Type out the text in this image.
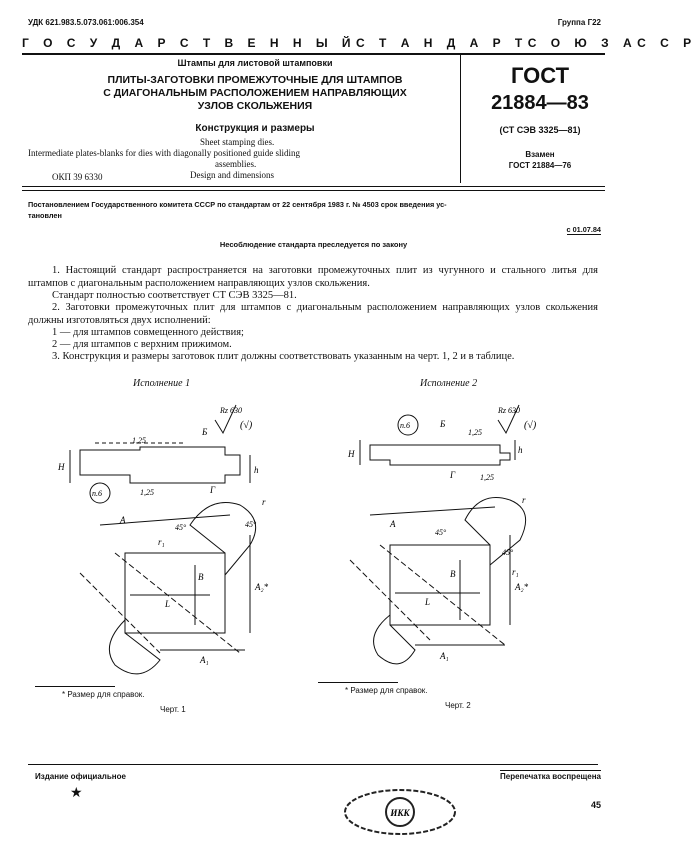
УДК 621.983.5.073.061:006.354	Группа Г22
Г О С У Д А Р С Т В Е Н Н Ы Й С Т А Н Д А Р Т С О Ю З А С С Р
Штампы для листовой штамповки
ПЛИТЫ-ЗАГОТОВКИ ПРОМЕЖУТОЧНЫЕ ДЛЯ ШТАМПОВ
С ДИАГОНАЛЬНЫМ РАСПОЛОЖЕНИЕМ НАПРАВЛЯЮЩИХ
УЗЛОВ СКОЛЬЖЕНИЯ
Конструкция и размеры
Sheet stamping dies.
Intermediate plates-blanks for dies with diagonally positioned guide sliding
assemblies.
Design and dimensions
ОКП 39 6330
ГОСТ
21884—83
(СТ СЭВ 3325—81)
Взамен
ГОСТ 21884—76
Постановлением Государственного комитета СССР по стандартам от 22 сентября 1983 г. № 4503 срок введения ус-
тановлен
с 01.07.84
Несоблюдение стандарта преследуется по закону
1. Настоящий стандарт распространяется на заготовки промежуточных плит из чугунного и стального литья для штампов с диагональным расположением направляющих узлов скольжения.
Стандарт полностью соответствует СТ СЭВ 3325—81.
2. Заготовки промежуточных плит для штампов с диагональным расположением направляющих узлов скольжения должны изготовляться двух исполнений:
1 — для штампов совмещенного действия;
2 — для штампов с верхним прижимом.
3. Конструкция и размеры заготовок плит должны соответствовать указанным на черт. 1, 2 и в таблице.
Исполнение 1	Исполнение 2
1,25
1,25
Б
Г
H	h
п.6
Rz 630
(√)
A
A₁
A₂*
B
L
r
r₁
45°	45°
п.6
1,25
1,25
Б
Г
H	h
Rz 630
(√)
A
A₁
A₂*
B
L
r
r₁
45°
45°
* Размер для справок.
Черт. 1
* Размер для справок.
Черт. 2
Издание официальное
★
Перепечатка воспрещена
45
ИКК
